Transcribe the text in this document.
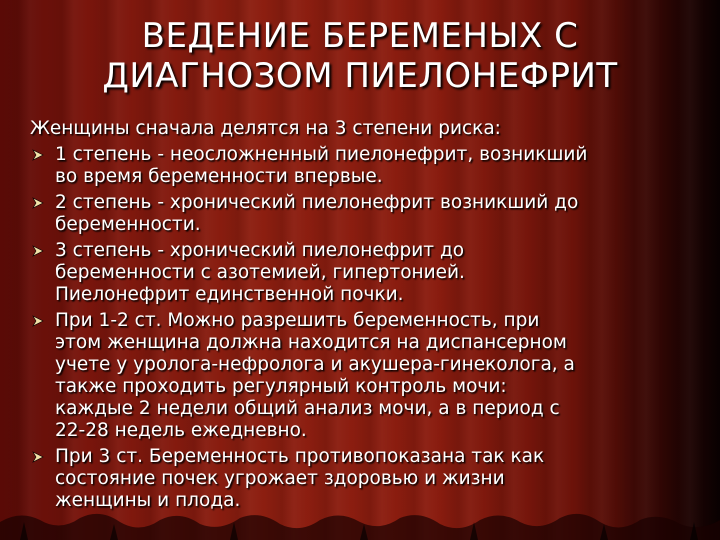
ВЕДЕНИЕ БЕРЕМЕНЫХ С
ДИАГНОЗОМ ПИЕЛОНЕФРИТ
Женщины сначала делятся на 3 степени риска:
1 степень - неосложненный пиелонефрит, возникший
во время беременности впервые.
2 степень - хронический пиелонефрит возникший до
беременности.
3 степень - хронический пиелонефрит до
беременности с азотемией, гипертонией.
Пиелонефрит единственной почки.
При 1-2 ст. Можно разрешить беременность, при
этом женщина должна находится на диспансерном
учете у уролога-нефролога и акушера-гинеколога, а
также проходить регулярный контроль мочи:
каждые 2 недели общий анализ мочи, а в период с
22-28 недель ежедневно.
При 3 ст. Беременность противопоказана так как
состояние почек угрожает здоровью и жизни
женщины и плода.
